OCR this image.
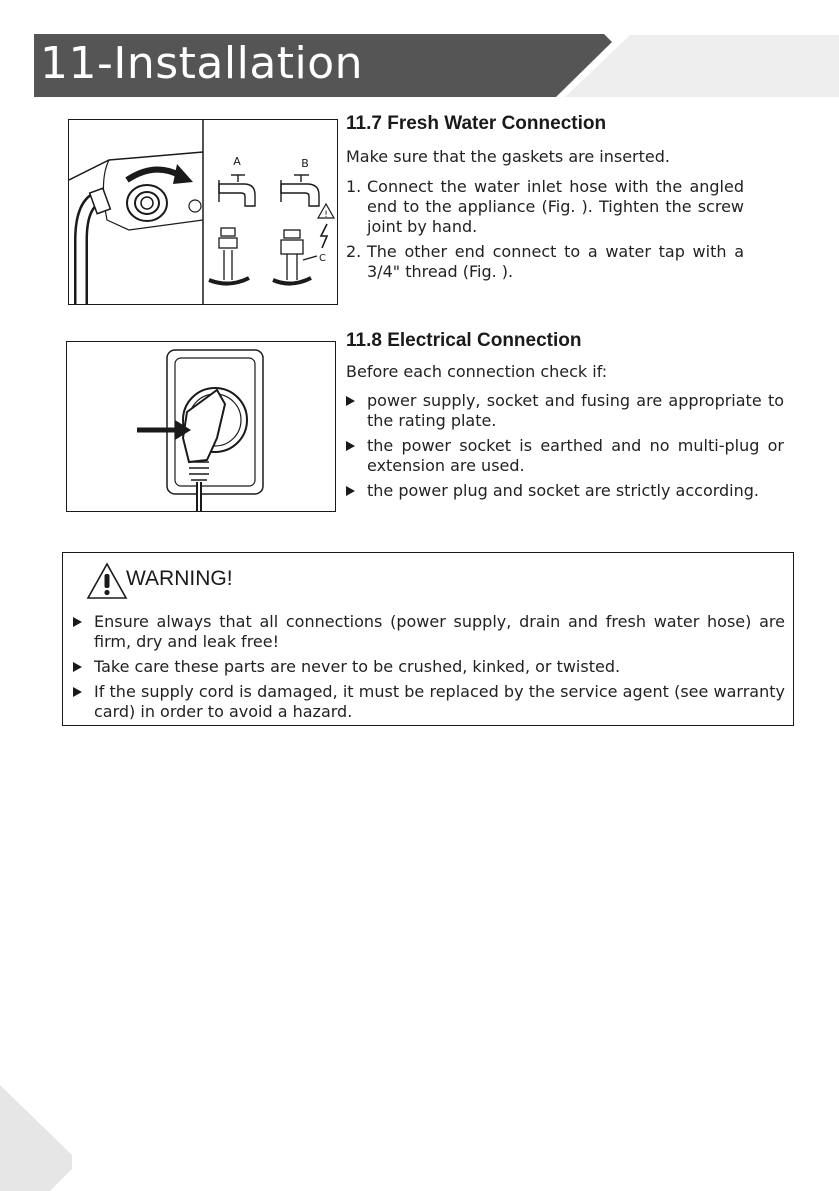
11-Installation
A	B
!
C
11.7 Fresh Water Connection

Make sure that the gaskets are inserted.

1. Connect the water inlet hose with the angled end to the appliance (Fig. ). Tighten the screw joint by hand.
2. The other end connect to a water tap with a 3/4" thread (Fig. ).
11.8 Electrical Connection

Before each connection check if:

power supply, socket and fusing are appropriate to the rating plate.
the power socket is earthed and no multi-plug or extension are used.
the power plug and socket are strictly according.
WARNING!
Ensure always that all connections (power supply, drain and fresh water hose) are firm, dry and leak free!
Take care these parts are never to be crushed, kinked, or twisted.
If the supply cord is damaged, it must be replaced by the service agent (see warranty card) in order to avoid a hazard.
